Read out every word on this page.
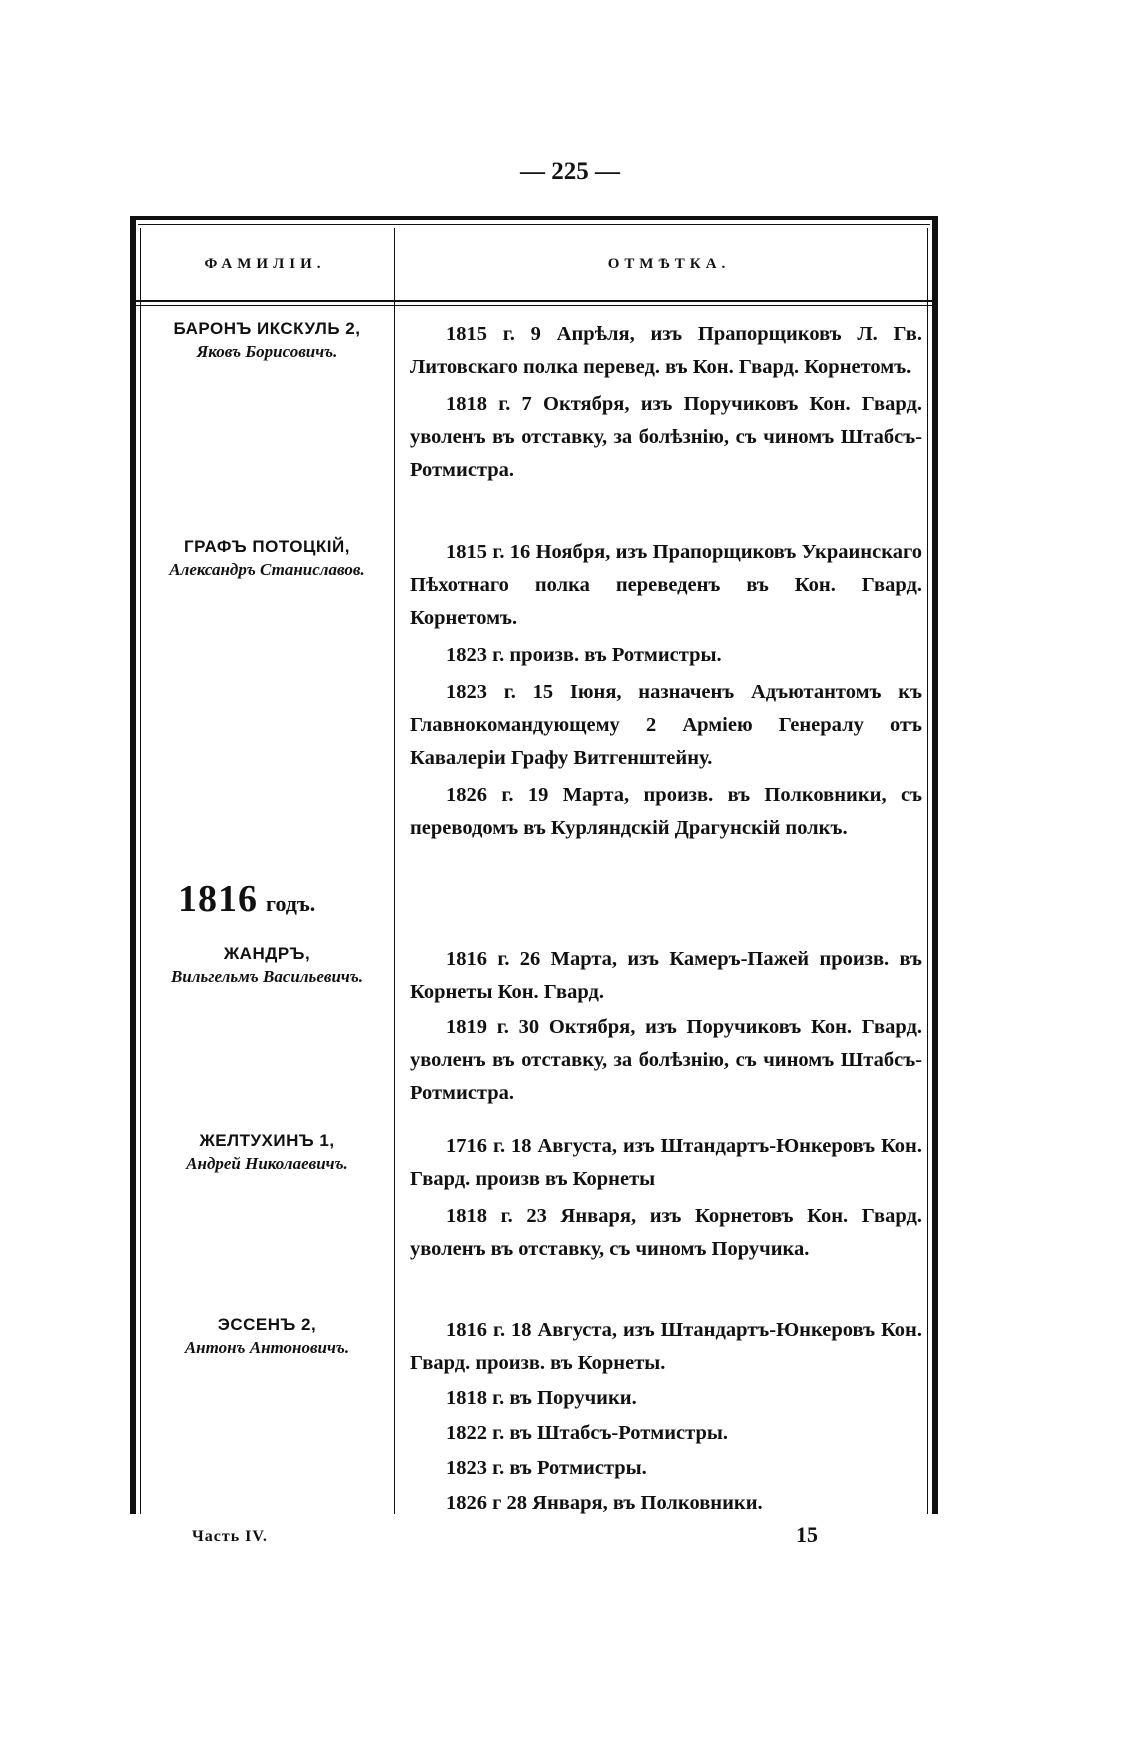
— 225 —
ФАМИЛІИ.	ОТМѢТКА.
БАРОНЪ ИКСКУЛЬ 2,
Яковъ Борисовичъ.

1815 г. 9 Апрѣля, изъ Прапорщиковъ Л. Гв. Литовскаго полка перевед. въ Кон. Гвард. Корнетомъ.

1818 г. 7 Октября, изъ Поручиковъ Кон. Гвард. уволенъ въ отставку, за болѣзнію, съ чиномъ Штабсъ-Ротмистра.

ГРАФЪ ПОТОЦКІЙ,
Александръ Станиславов.

1815 г. 16 Ноября, изъ Прапорщиковъ Украинскаго Пѣхотнаго полка переведенъ въ Кон. Гвард. Корнетомъ.

1823 г. произв. въ Ротмистры.

1823 г. 15 Іюня, назначенъ Адъютантомъ къ Главнокомандующему 2 Арміею Генералу отъ Кавалеріи Графу Витгенштейну.

1826 г. 19 Марта, произв. въ Полковники, съ переводомъ въ Курляндскій Драгунскій полкъ.

1816 годъ.
ЖАНДРЪ,
Вильгельмъ Васильевичъ.

1816 г. 26 Марта, изъ Камеръ-Пажей произв. въ Корнеты Кон. Гвард.

1819 г. 30 Октября, изъ Поручиковъ Кон. Гвард. уволенъ въ отставку, за болѣзнію, съ чиномъ Штабсъ-Ротмистра.

ЖЕЛТУХИНЪ 1,
Андрей Николаевичъ.

1716 г. 18 Августа, изъ Штандартъ-Юнкеровъ Кон. Гвард. произв въ Корнеты

1818 г. 23 Января, изъ Корнетовъ Кон. Гвард. уволенъ въ отставку, съ чиномъ Поручика.

ЭССЕНЪ 2,
Антонъ Антоновичъ.

1816 г. 18 Августа, изъ Штандартъ-Юнкеровъ Кон. Гвард. произв. въ Корнеты.

1818 г. въ Поручики.

1822 г. въ Штабсъ-Ротмистры.

1823 г. въ Ротмистры.

1826 г 28 Января, въ Полковники.

Часть IV.	15
